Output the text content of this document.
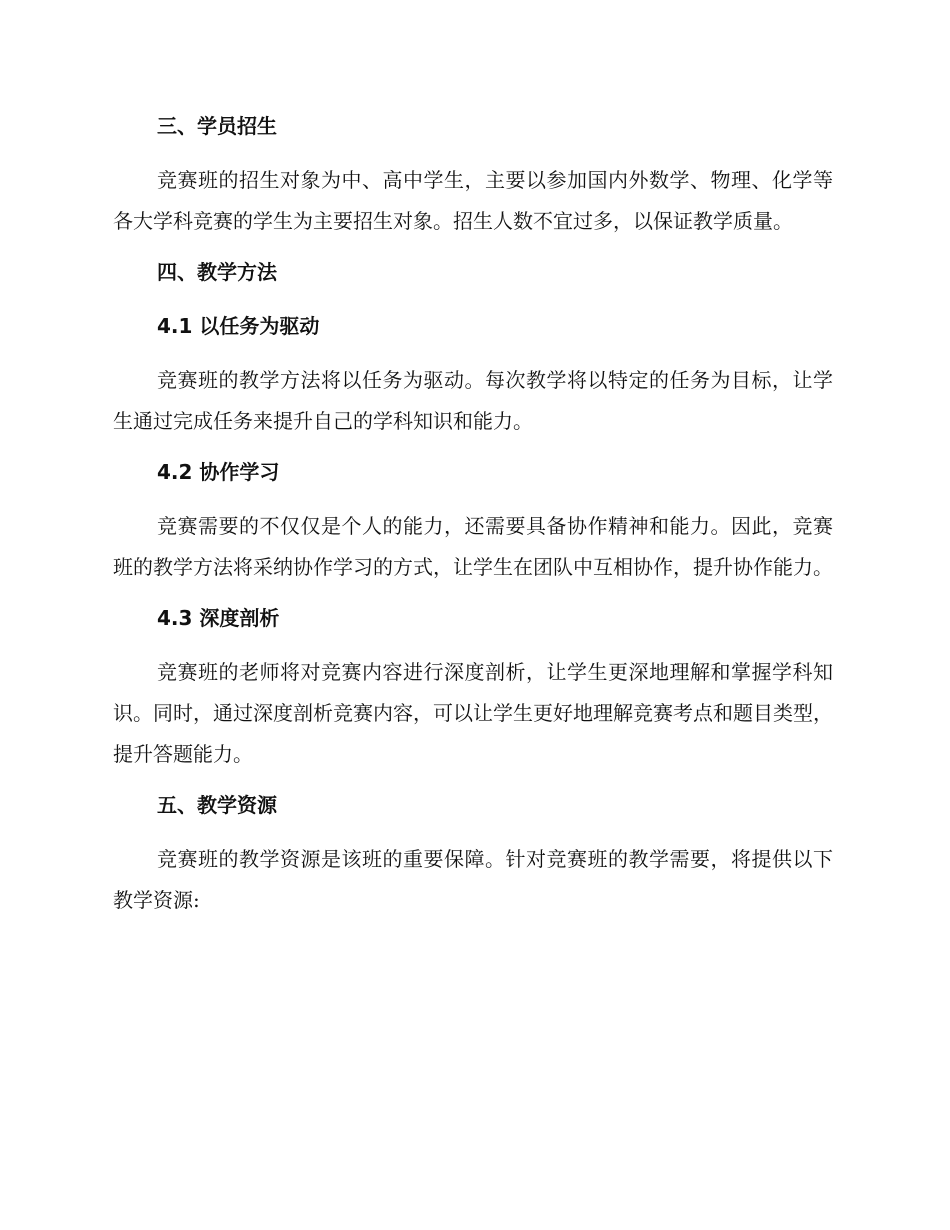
三、学员招生

竞赛班的招生对象为中、高中学生，主要以参加国内外数学、物理、化学等各大学科竞赛的学生为主要招生对象。招生人数不宜过多，以保证教学质量。

四、教学方法
4.1 以任务为驱动

竞赛班的教学方法将以任务为驱动。每次教学将以特定的任务为目标，让学生通过完成任务来提升自己的学科知识和能力。

4.2 协作学习

竞赛需要的不仅仅是个人的能力，还需要具备协作精神和能力。因此，竞赛班的教学方法将采纳协作学习的方式，让学生在团队中互相协作，提升协作能力。

4.3 深度剖析

竞赛班的老师将对竞赛内容进行深度剖析，让学生更深地理解和掌握学科知识。同时，通过深度剖析竞赛内容，可以让学生更好地理解竞赛考点和题目类型，提升答题能力。

五、教学资源

竞赛班的教学资源是该班的重要保障。针对竞赛班的教学需要，将提供以下教学资源:
